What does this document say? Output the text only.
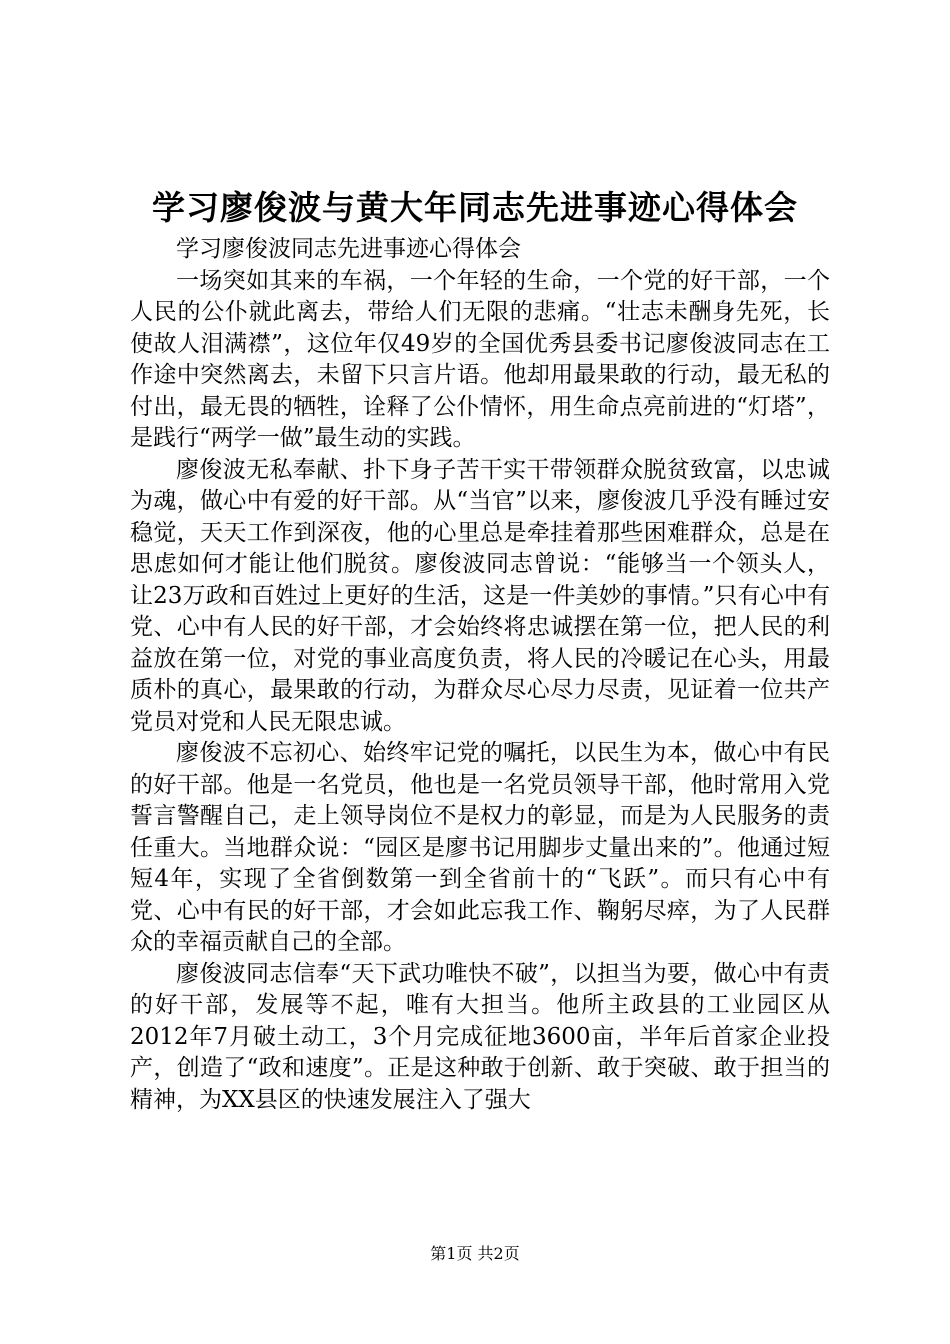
学习廖俊波与黄大年同志先进事迹心得体会

学习廖俊波同志先进事迹心得体会

一场突如其来的车祸，一个年轻的生命，一个党的好干部，一个人民的公仆就此离去，带给人们无限的悲痛。“壮志未酬身先死，长使故人泪满襟”，这位年仅49岁的全国优秀县委书记廖俊波同志在工作途中突然离去，未留下只言片语。他却用最果敢的行动，最无私的付出，最无畏的牺牲，诠释了公仆情怀，用生命点亮前进的“灯塔”，是践行“两学一做”最生动的实践。

廖俊波无私奉献、扑下身子苦干实干带领群众脱贫致富，以忠诚为魂，做心中有爱的好干部。从“当官”以来，廖俊波几乎没有睡过安稳觉，天天工作到深夜，他的心里总是牵挂着那些困难群众，总是在思虑如何才能让他们脱贫。廖俊波同志曾说：“能够当一个领头人，让23万政和百姓过上更好的生活，这是一件美妙的事情。”只有心中有党、心中有人民的好干部，才会始终将忠诚摆在第一位，把人民的利益放在第一位，对党的事业高度负责，将人民的冷暖记在心头，用最质朴的真心，最果敢的行动，为群众尽心尽力尽责，见证着一位共产党员对党和人民无限忠诚。

廖俊波不忘初心、始终牢记党的嘱托，以民生为本，做心中有民的好干部。他是一名党员，他也是一名党员领导干部，他时常用入党誓言警醒自己，走上领导岗位不是权力的彰显，而是为人民服务的责任重大。当地群众说：“园区是廖书记用脚步丈量出来的”。他通过短短4年，实现了全省倒数第一到全省前十的“飞跃”。而只有心中有党、心中有民的好干部，才会如此忘我工作、鞠躬尽瘁，为了人民群众的幸福贡献自己的全部。

廖俊波同志信奉“天下武功唯快不破”，以担当为要，做心中有责的好干部，发展等不起，唯有大担当。他所主政县的工业园区从2012年7月破土动工，3个月完成征地3600亩，半年后首家企业投产，创造了“政和速度”。正是这种敢于创新、敢于突破、敢于担当的精神，为XX县区的快速发展注入了强大

第1页 共2页
